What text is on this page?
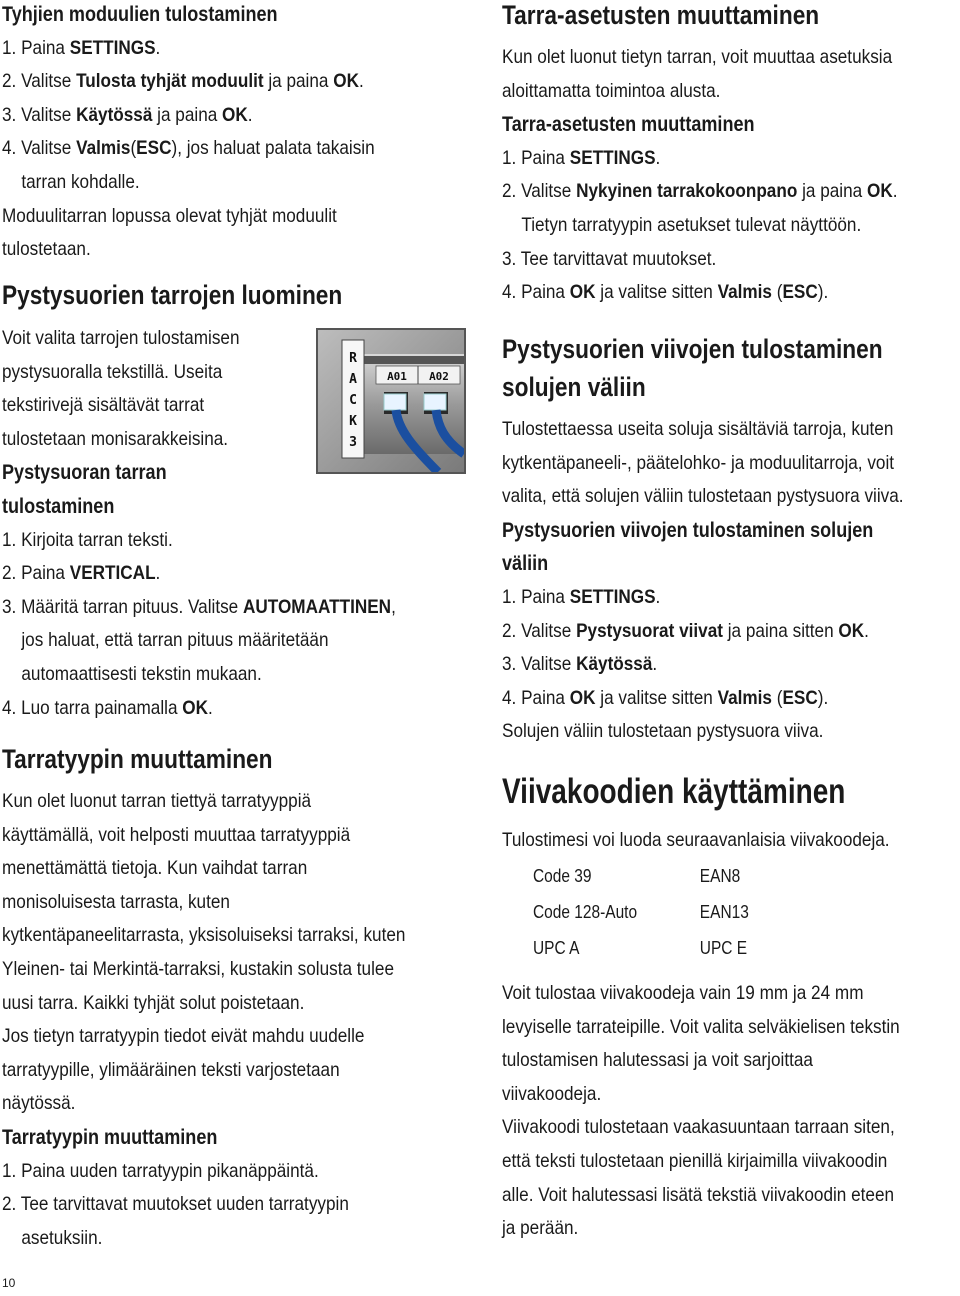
Tyhjien moduulien tulostaminen
1. Paina SETTINGS.
2. Valitse Tulosta tyhjät moduulit ja paina OK.
3. Valitse Käytössä ja paina OK.
4. Valitse Valmis(ESC), jos haluat palata takaisin
tarran kohdalle.
Moduulitarran lopussa olevat tyhjät moduulit
tulostetaan.
Pystysuorien tarrojen luominen
Voit valita tarrojen tulostamisen
pystysuoralla tekstillä. Useita
tekstirivejä sisältävät tarrat
tulostetaan monisarakkeisina.
Pystysuoran tarran
tulostaminen
1. Kirjoita tarran teksti.
2. Paina VERTICAL.
3. Määritä tarran pituus. Valitse AUTOMAATTINEN,
jos haluat, että tarran pituus määritetään
automaattisesti tekstin mukaan.
4. Luo tarra painamalla OK.
Tarratyypin muuttaminen
Kun olet luonut tarran tiettyä tarratyyppiä
käyttämällä, voit helposti muuttaa tarratyyppiä
menettämättä tietoja. Kun vaihdat tarran
monisoluisesta tarrasta, kuten
kytkentäpaneelitarrasta, yksisoluiseksi tarraksi, kuten
Yleinen- tai Merkintä-tarraksi, kustakin solusta tulee
uusi tarra. Kaikki tyhjät solut poistetaan.
Jos tietyn tarratyypin tiedot eivät mahdu uudelle
tarratyypille, ylimääräinen teksti varjostetaan
näytössä.
Tarratyypin muuttaminen
1. Paina uuden tarratyypin pikanäppäintä.
2. Tee tarvittavat muutokset uuden tarratyypin
asetuksiin.
R
A
C
K
3
A01 A02
Tarra-asetusten muuttaminen
Kun olet luonut tietyn tarran, voit muuttaa asetuksia
aloittamatta toimintoa alusta.
Tarra-asetusten muuttaminen
1. Paina SETTINGS.
2. Valitse Nykyinen tarrakokoonpano ja paina OK.
Tietyn tarratyypin asetukset tulevat näyttöön.
3. Tee tarvittavat muutokset.
4. Paina OK ja valitse sitten Valmis (ESC).
Pystysuorien viivojen tulostaminen
solujen väliin
Tulostettaessa useita soluja sisältäviä tarroja, kuten
kytkentäpaneeli-, päätelohko- ja moduulitarroja, voit
valita, että solujen väliin tulostetaan pystysuora viiva.
Pystysuorien viivojen tulostaminen solujen
väliin
1. Paina SETTINGS.
2. Valitse Pystysuorat viivat ja paina sitten OK.
3. Valitse Käytössä.
4. Paina OK ja valitse sitten Valmis (ESC).
Solujen väliin tulostetaan pystysuora viiva.
Viivakoodien käyttäminen
Tulostimesi voi luoda seuraavanlaisia viivakoodeja.
Code 39	EAN8
Code 128-Auto	EAN13
UPC A	UPC E
Voit tulostaa viivakoodeja vain 19 mm ja 24 mm
levyiselle tarrateipille. Voit valita selväkielisen tekstin
tulostamisen halutessasi ja voit sarjoittaa
viivakoodeja.
Viivakoodi tulostetaan vaakasuuntaan tarraan siten,
että teksti tulostetaan pienillä kirjaimilla viivakoodin
alle. Voit halutessasi lisätä tekstiä viivakoodin eteen
ja perään.
10
